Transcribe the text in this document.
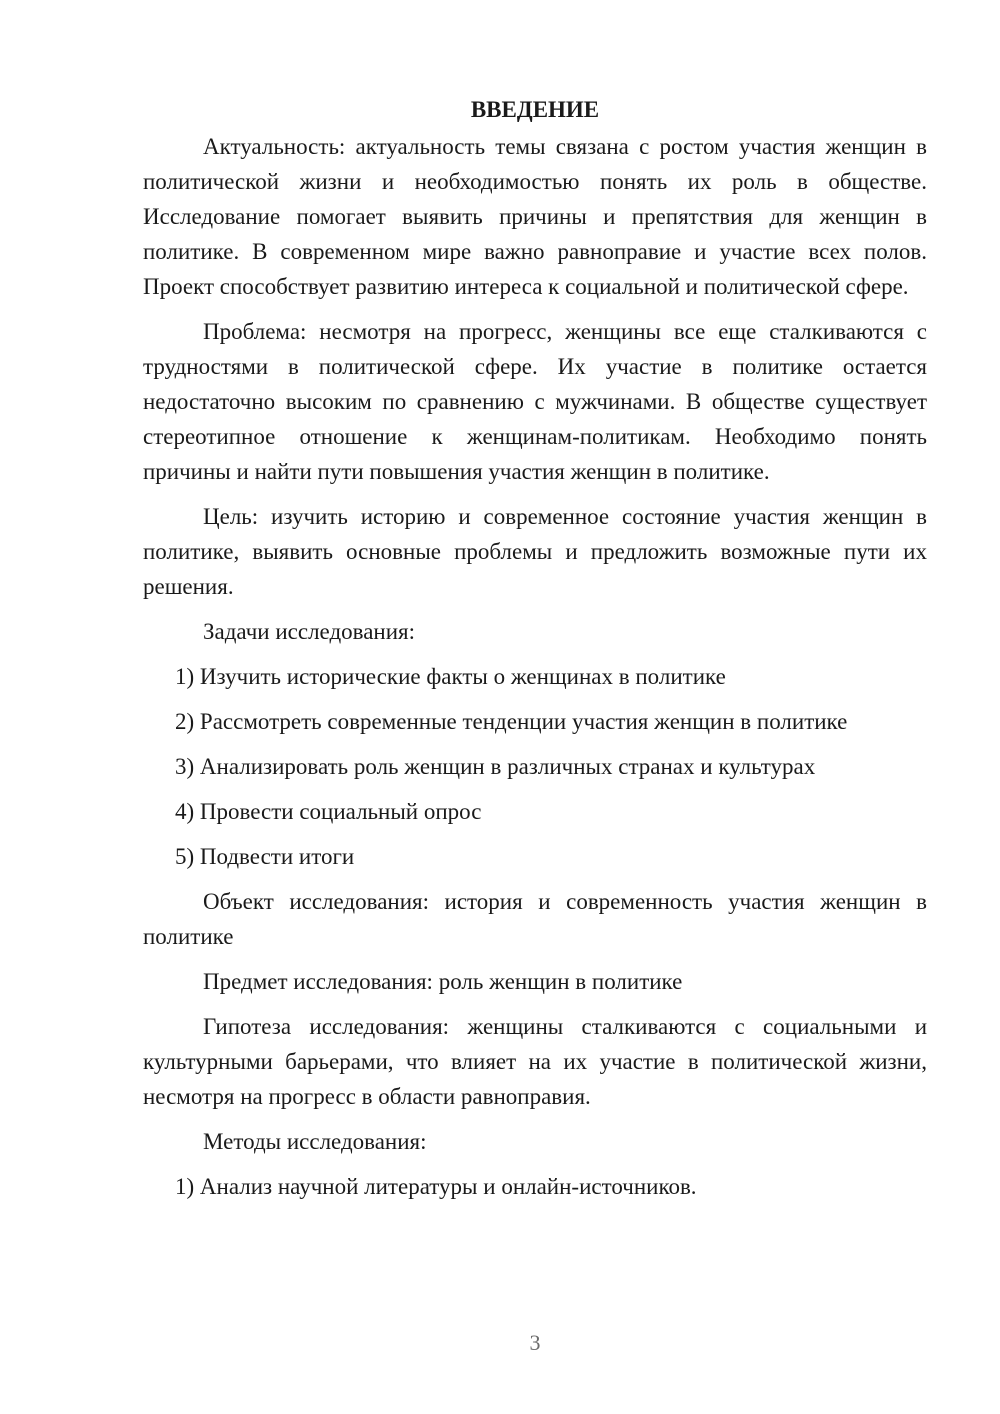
ВВЕДЕНИЕ

Актуальность: актуальность темы связана с ростом участия женщин в политической жизни и необходимостью понять их роль в обществе. Исследование помогает выявить причины и препятствия для женщин в политике. В современном мире важно равноправие и участие всех полов. Проект способствует развитию интереса к социальной и политической сфере.

Проблема: несмотря на прогресс, женщины все еще сталкиваются с трудностями в политической сфере. Их участие в политике остается недостаточно высоким по сравнению с мужчинами. В обществе существует стереотипное отношение к женщинам-политикам. Необходимо понять причины и найти пути повышения участия женщин в политике.

Цель: изучить историю и современное состояние участия женщин в политике, выявить основные проблемы и предложить возможные пути их решения.

Задачи исследования:

1) Изучить исторические факты о женщинах в политике

2) Рассмотреть современные тенденции участия женщин в политике

3) Анализировать роль женщин в различных странах и культурах

4) Провести социальный опрос

5) Подвести итоги

Объект исследования: история и современность участия женщин в политике

Предмет исследования: роль женщин в политике

Гипотеза исследования: женщины сталкиваются с социальными и культурными барьерами, что влияет на их участие в политической жизни, несмотря на прогресс в области равноправия.

Методы исследования:

1) Анализ научной литературы и онлайн-источников.

3
